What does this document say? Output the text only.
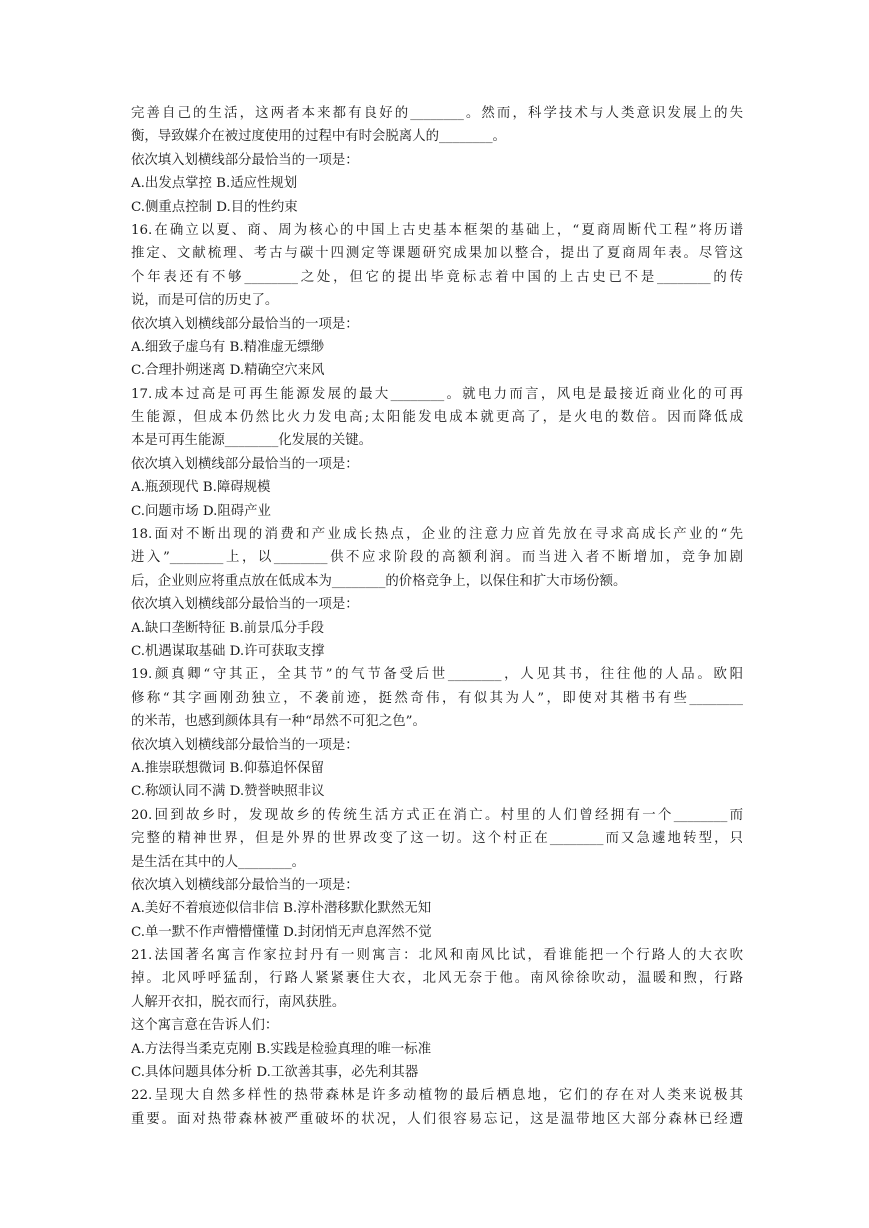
完善自己的生活，这两者本来都有良好的________。然而，科学技术与人类意识发展上的失
衡，导致媒介在被过度使用的过程中有时会脱离人的________。
依次填入划横线部分最恰当的一项是：
A.出发点掌控 B.适应性规划
C.侧重点控制 D.目的性约束
16.在确立以夏、商、周为核心的中国上古史基本框架的基础上，“夏商周断代工程”将历谱
推定、文献梳理、考古与碳十四测定等课题研究成果加以整合，提出了夏商周年表。尽管这
个年表还有不够________之处，但它的提出毕竟标志着中国的上古史已不是________的传
说，而是可信的历史了。
依次填入划横线部分最恰当的一项是：
A.细致子虚乌有 B.精准虚无缥缈
C.合理扑朔迷离 D.精确空穴来风
17.成本过高是可再生能源发展的最大________。就电力而言，风电是最接近商业化的可再
生能源，但成本仍然比火力发电高;太阳能发电成本就更高了，是火电的数倍。因而降低成
本是可再生能源________化发展的关键。
依次填入划横线部分最恰当的一项是：
A.瓶颈现代 B.障碍规模
C.问题市场 D.阻碍产业
18.面对不断出现的消费和产业成长热点，企业的注意力应首先放在寻求高成长产业的“先
进入”________上，以________供不应求阶段的高额利润。而当进入者不断增加，竞争加剧
后，企业则应将重点放在低成本为________的价格竞争上，以保住和扩大市场份额。
依次填入划横线部分最恰当的一项是：
A.缺口垄断特征 B.前景瓜分手段
C.机遇谋取基础 D.许可获取支撑
19.颜真卿“守其正，全其节”的气节备受后世________，人见其书，往往他的人品。欧阳
修称“其字画刚劲独立，不袭前迹，挺然奇伟，有似其为人”，即使对其楷书有些________
的米芾，也感到颜体具有一种“昂然不可犯之色”。
依次填入划横线部分最恰当的一项是：
A.推崇联想微词 B.仰慕追怀保留
C.称颂认同不满 D.赞誉映照非议
20.回到故乡时，发现故乡的传统生活方式正在消亡。村里的人们曾经拥有一个________而
完整的精神世界，但是外界的世界改变了这一切。这个村正在________而又急遽地转型，只
是生活在其中的人________。
依次填入划横线部分最恰当的一项是：
A.美好不着痕迹似信非信 B.淳朴潜移默化默然无知
C.单一默不作声懵懵懂懂 D.封闭悄无声息浑然不觉
21.法国著名寓言作家拉封丹有一则寓言：北风和南风比试，看谁能把一个行路人的大衣吹
掉。北风呼呼猛刮，行路人紧紧裹住大衣，北风无奈于他。南风徐徐吹动，温暖和煦，行路
人解开衣扣，脱衣而行，南风获胜。
这个寓言意在告诉人们：
A.方法得当柔克克刚 B.实践是检验真理的唯一标准
C.具体问题具体分析 D.工欲善其事，必先利其器
22.呈现大自然多样性的热带森林是许多动植物的最后栖息地，它们的存在对人类来说极其
重要。面对热带森林被严重破坏的状况，人们很容易忘记，这是温带地区大部分森林已经遭
